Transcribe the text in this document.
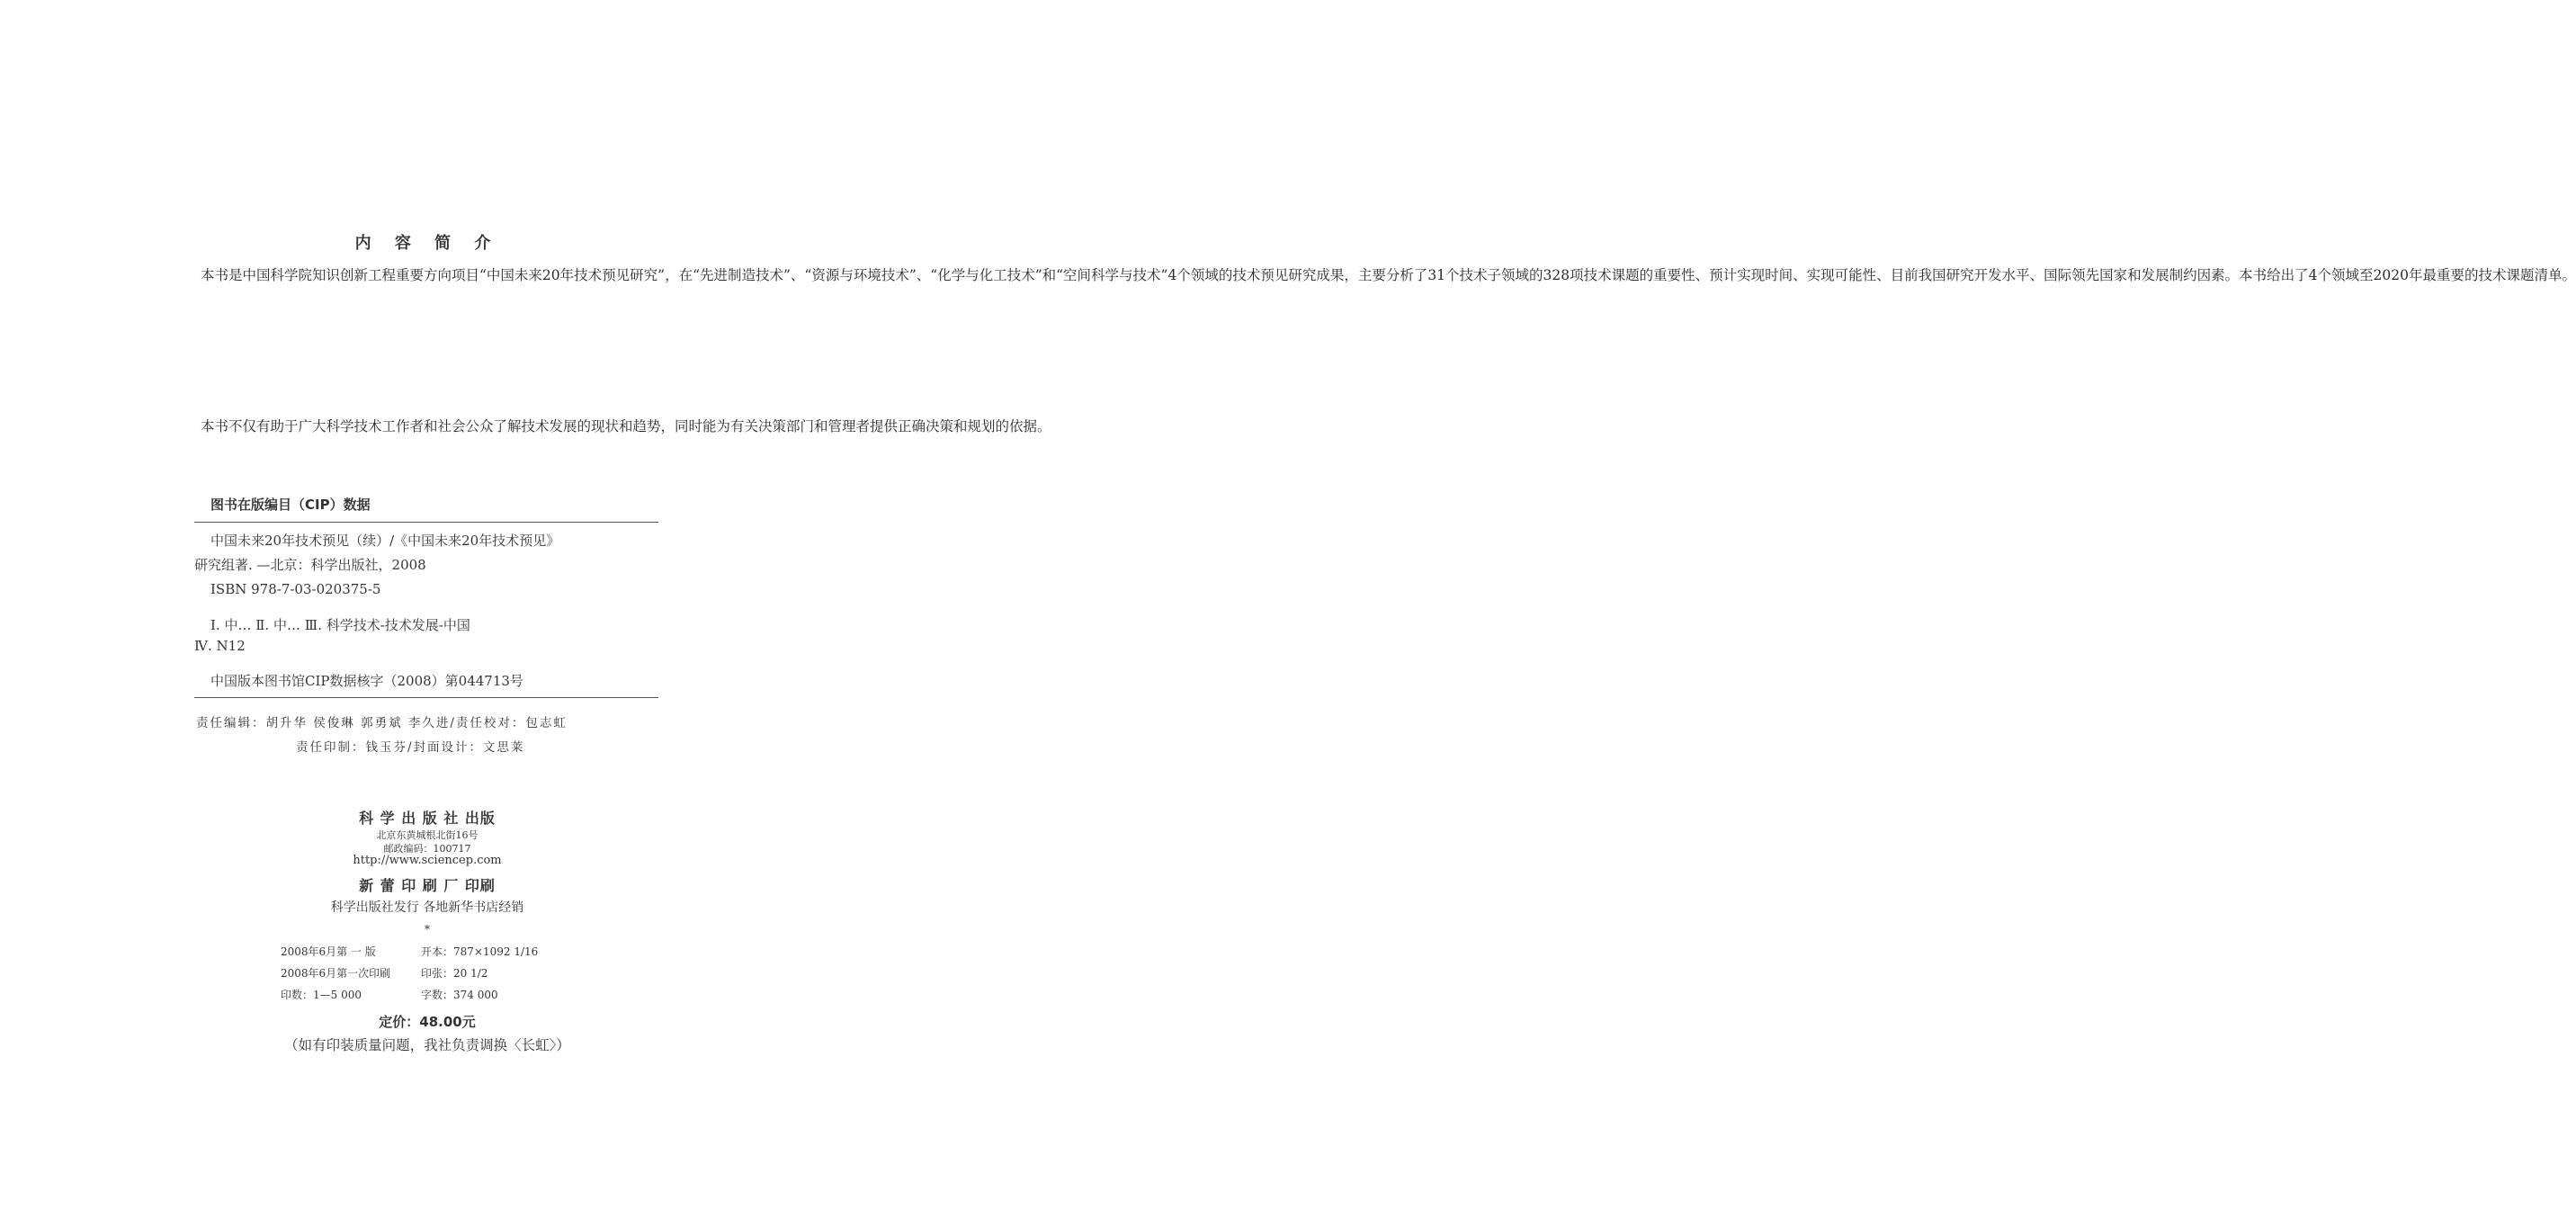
内 容 简 介

本书是中国科学院知识创新工程重要方向项目“中国未来20年技术预见研究”，在“先进制造技术”、“资源与环境技术”、“化学与化工技术”和“空间科学与技术”4个领域的技术预见研究成果，主要分析了31个技术子领域的328项技术课题的重要性、预计实现时间、实现可能性、目前我国研究开发水平、国际领先国家和发展制约因素。本书给出了4个领域至2020年最重要的技术课题清单。

本书不仅有助于广大科学技术工作者和社会公众了解技术发展的现状和趋势，同时能为有关决策部门和管理者提供正确决策和规划的依据。

图书在版编目（CIP）数据
中国未来20年技术预见（续）/《中国未来20年技术预见》
研究组著. —北京：科学出版社，2008
ISBN 978-7-03-020375-5
Ⅰ. 中… Ⅱ. 中… Ⅲ. 科学技术-技术发展-中国
Ⅳ. N12
中国版本图书馆CIP数据核字（2008）第044713号
责任编辑：胡升华 侯俊琳 郭勇斌 李久进/责任校对：包志虹
责任印制：钱玉芬/封面设计：文思莱
科 学 出 版 社 出版
北京东黄城根北街16号
邮政编码：100717
http://www.sciencep.com
新 蕾 印 刷 厂 印刷
科学出版社发行 各地新华书店经销
*
2008年6月第 一 版	开本：787×1092 1/16
2008年6月第一次印刷	印张：20 1/2
印数：1—5 000	字数：374 000
定价：48.00元
（如有印装质量问题，我社负责调换〈长虹〉）
